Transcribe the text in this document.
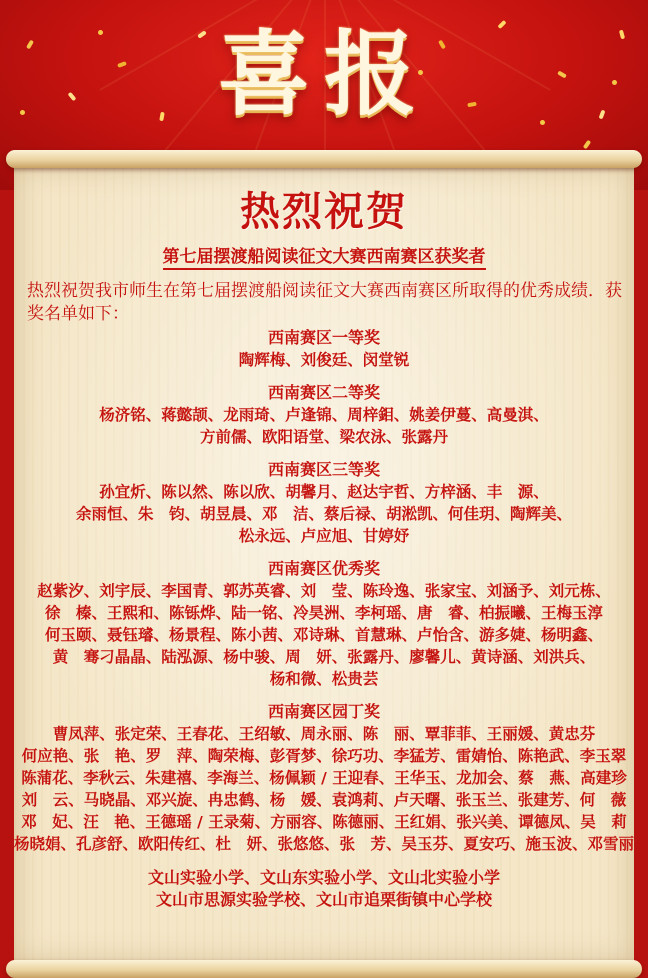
喜报
热烈祝贺
第七届摆渡船阅读征文大赛西南赛区获奖者
热烈祝贺我市师生在第七届摆渡船阅读征文大赛西南赛区所取得的优秀成绩．获奖名单如下：
西南赛区一等奖
陶辉梅、刘俊廷、闵堂锐
西南赛区二等奖
杨济铭、蒋懿颉、龙雨琦、卢逢锦、周梓鉬、姚姜伊蔓、高曼淇、
方前儒、欧阳语堂、梁农泳、张露丹
西南赛区三等奖
孙宜炘、陈以然、陈以欣、胡馨月、赵达宇哲、方梓涵、丰　源、
余雨恒、朱　钧、胡昱晨、邓　洁、蔡后禄、胡淞凯、何佳玥、陶辉美、
松永远、卢应旭、甘婷妤
西南赛区优秀奖
赵紫汐、刘宇辰、李国青、郭苏英睿、刘　莹、陈玲逸、张家宝、刘涵予、刘元栋、
徐　榛、王熙和、陈铄烨、陆一铭、冷昊洲、李柯瑶、唐　睿、柏振曦、王梅玉淳
何玉颐、聂钰璿、杨景程、陈小茜、邓诗琳、首慧琳、卢怡含、游多婕、杨明鑫、
黄　骞刁晶晶、陆泓源、杨中骏、周　妍、张露丹、廖馨儿、黄诗涵、刘洪兵、
杨和微、松贵芸
西南赛区园丁奖
曹凤萍、张定荣、王春花、王绍敏、周永丽、陈　丽、覃菲菲、王丽媛、黄忠芬
何应艳、张　艳、罗　萍、陶荣梅、彭胥梦、徐巧功、李猛芳、雷婧怡、陈艳武、李玉翠
陈蒲花、李秋云、朱建禧、李海兰、杨佩颖 / 王迎春、王华玉、龙加会、蔡　燕、高建珍
刘　云、马晓晶、邓兴旋、冉忠鹤、杨　媛、袁鸿莉、卢天曙、张玉兰、张建芳、何　薇
邓　妃、汪　艳、王德瑶 / 王录菊、方丽容、陈德丽、王红娟、张兴美、谭德凤、吴　莉
杨晓娟、孔彦舒、欧阳传红、杜　妍、张悠悠、张　芳、吴玉芬、夏安巧、施玉波、邓雪丽
文山实验小学、文山东实验小学、文山北实验小学
文山市思源实验学校、文山市追栗街镇中心学校
